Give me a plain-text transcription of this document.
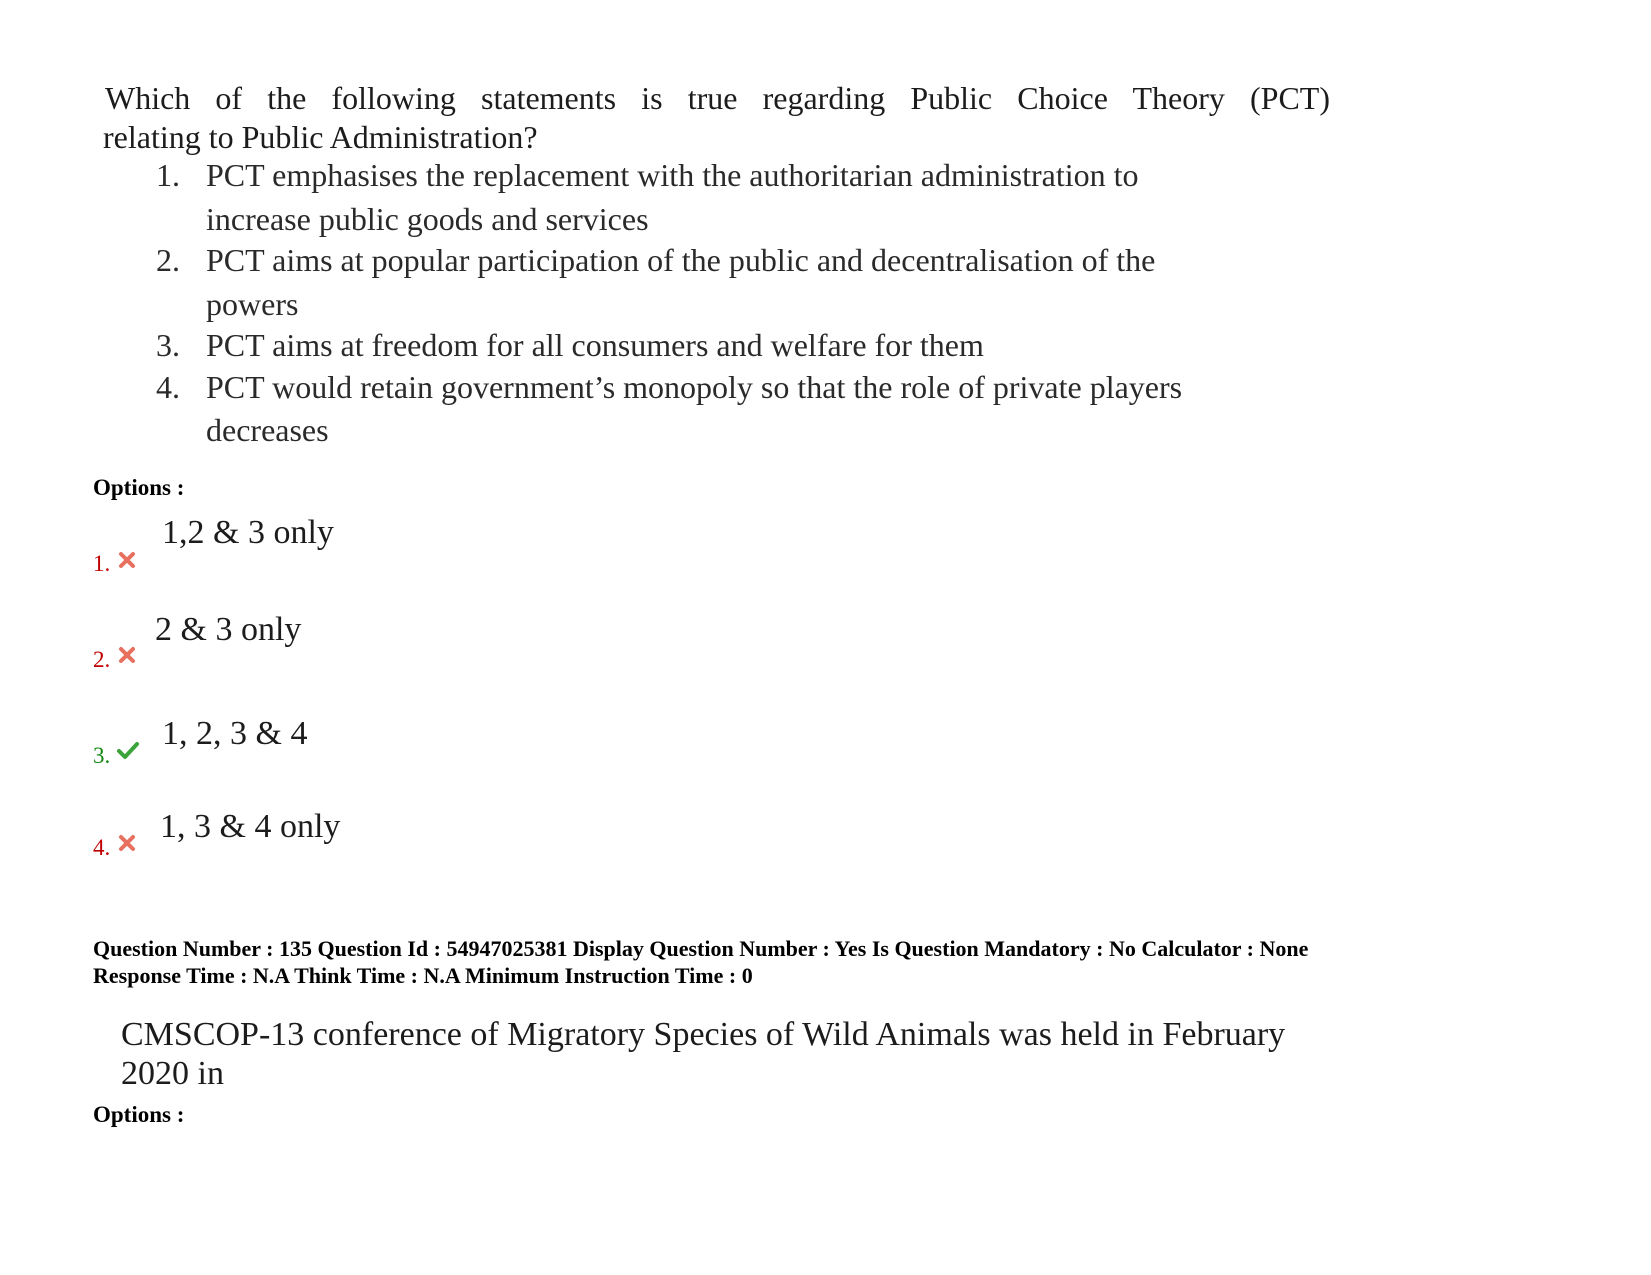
Which of the following statements is true regarding Public Choice Theory (PCT)
relating to Public Administration?
1. PCT emphasises the replacement with the authoritarian administration to
increase public goods and services
2. PCT aims at popular participation of the public and decentralisation of the
powers
3. PCT aims at freedom for all consumers and welfare for them
4. PCT would retain government’s monopoly so that the role of private players
decreases
Options :
1.
1,2 & 3 only
2.
2 & 3 only
3.
1, 2, 3 & 4
4.
1, 3 & 4 only
Question Number : 135 Question Id : 54947025381 Display Question Number : Yes Is Question Mandatory : No Calculator : None
Response Time : N.A Think Time : N.A Minimum Instruction Time : 0
CMSCOP-13 conference of Migratory Species of Wild Animals was held in February
2020 in
Options :
